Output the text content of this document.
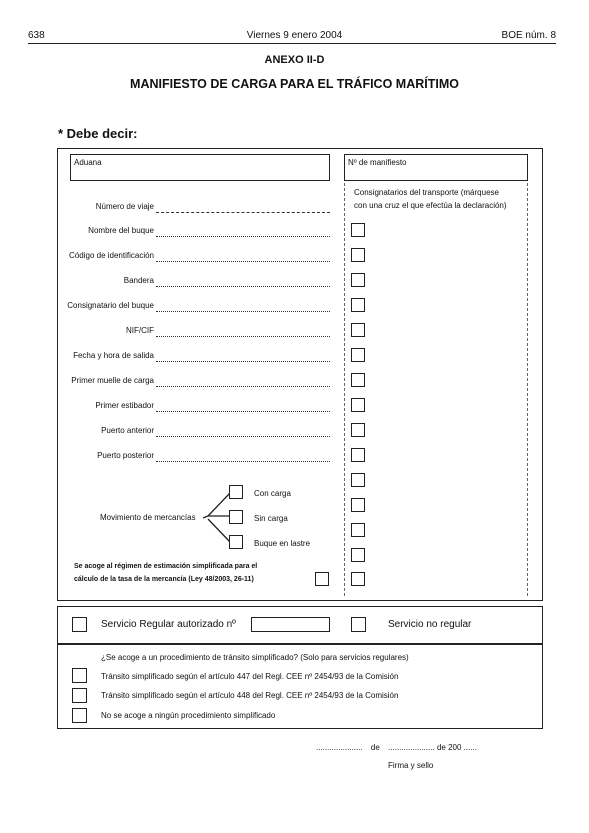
638	Viernes 9 enero 2004	BOE núm. 8
ANEXO II-D
MANIFIESTO DE CARGA PARA EL TRÁFICO MARÍTIMO
* Debe decir:
Aduana	Nº de manifiesto
Consignatarios del transporte (márquese
con una cruz el que efectúa la declaración)
Número de viaje
Nombre del buque
Código de identificación
Bandera
Consignatario del buque
NIF/CIF
Fecha y hora de salida
Primer muelle de carga
Primer estibador
Puerto anterior
Puerto posterior
Movimiento de mercancías
Con carga
Sin carga
Buque en lastre
Se acoge al régimen de estimación simplificada para el
cálculo de la tasa de la mercancía (Ley 48/2003, 26-11)
Servicio Regular autorizado nº	Servicio no regular
¿Se acoge a un procedimiento de tránsito simplificado? (Solo para servicios regulares)
Tránsito simplificado según el artículo 447 del Regl. CEE nº 2454/93 de la Comisión
Tránsito simplificado según el artículo 448 del Regl. CEE nº 2454/93 de la Comisión
No se acoge a ningún procedimiento simplificado
..................... de ..................... de 200 ......
Firma y sello
